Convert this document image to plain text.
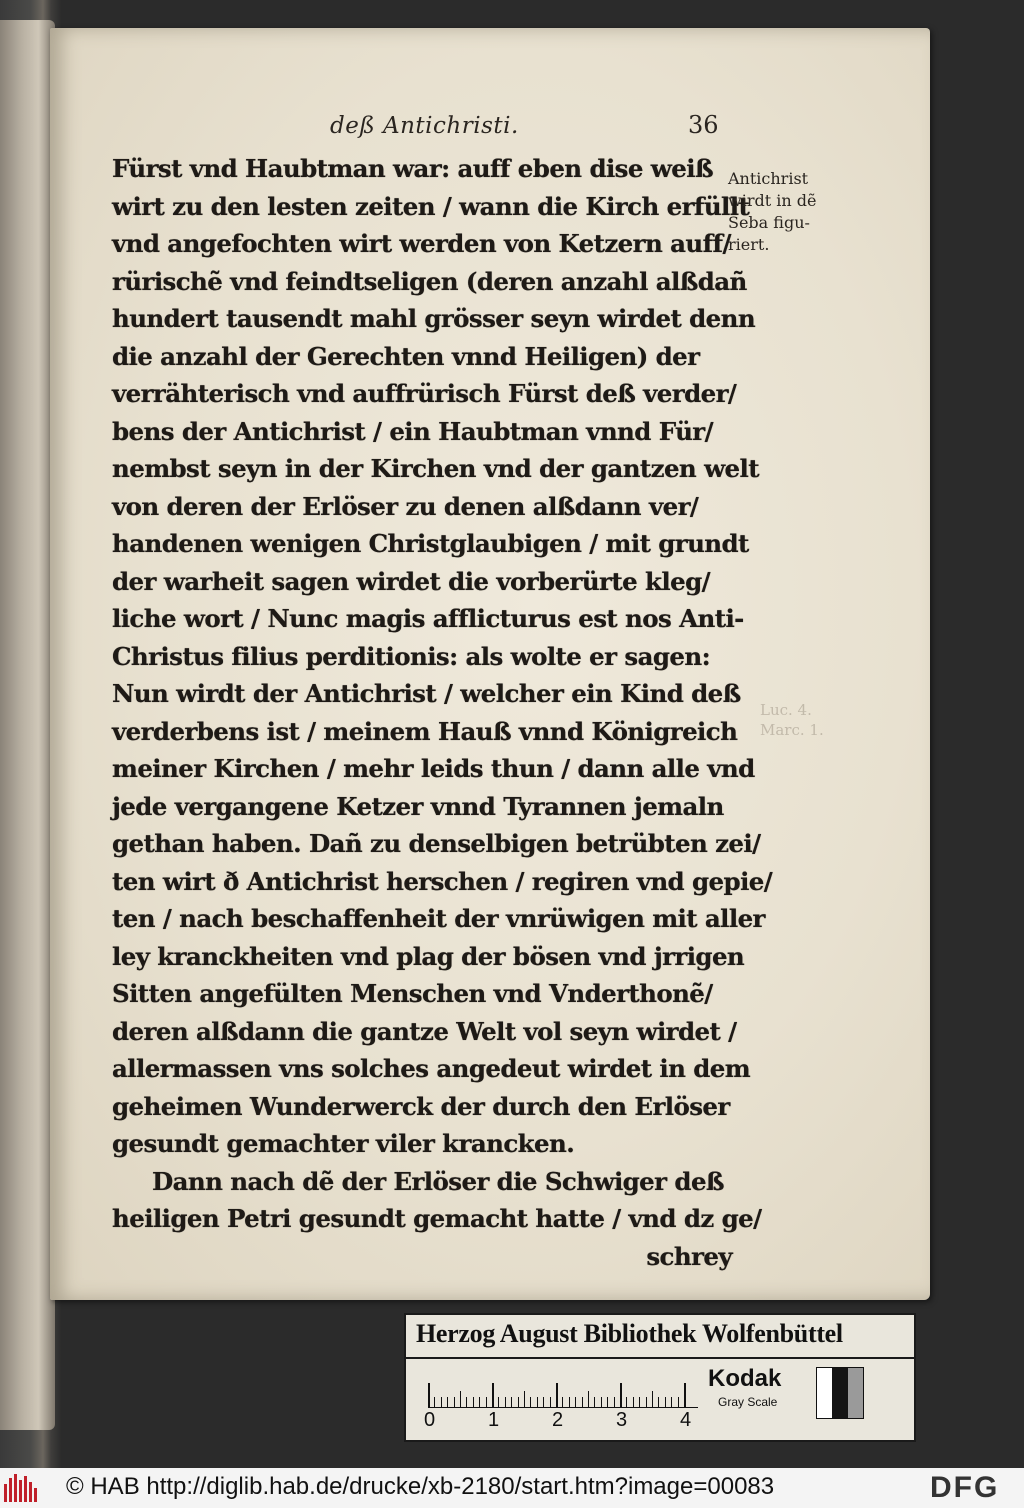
deß Antichristi.	36
Fürst vnd Haubtman war: auff eben dise weiß
wirt zu den lesten zeiten / wann die Kirch erfüllt
vnd angefochten wirt werden von Ketzern auff/
rürischẽ vnd feindtseligen (deren anzahl alßdañ
hundert tausendt mahl grösser seyn wirdet denn
die anzahl der Gerechten vnnd Heiligen) der
verrähterisch vnd auffrürisch Fürst deß verder/
bens der Antichrist / ein Haubtman vnnd Für/
nembst seyn in der Kirchen vnd der gantzen welt
von deren der Erlöser zu denen alßdann ver/
handenen wenigen Christglaubigen / mit grundt
der warheit sagen wirdet die vorberürte kleg/
liche wort / Nunc magis afflicturus est nos Anti-
Christus filius perditionis: als wolte er sagen:
Nun wirdt der Antichrist / welcher ein Kind deß
verderbens ist / meinem Hauß vnnd Königreich
meiner Kirchen / mehr leids thun / dann alle vnd
jede vergangene Ketzer vnnd Tyrannen jemaln
gethan haben. Dañ zu denselbigen betrübten zei/
ten wirt ð Antichrist herschen / regiren vnd gepie/
ten / nach beschaffenheit der vnrüwigen mit aller
ley kranckheiten vnd plag der bösen vnd jrrigen
Sitten angefülten Menschen vnd Vnderthonẽ/
deren alßdann die gantze Welt vol seyn wirdet /
allermassen vns solches angedeut wirdet in dem
geheimen Wunderwerck der durch den Erlöser
gesundt gemachter viler krancken.
Dann nach dẽ der Erlöser die Schwiger deß
heiligen Petri gesundt gemacht hatte / vnd dz ge/
schrey
Antichrist
wirdt in dẽ
Seba figu-
riert.
Luc. 4.
Marc. 1.
Herzog August Bibliothek Wolfenbüttel
0	1	2	3	4
Kodak
Gray Scale
© HAB http://diglib.hab.de/drucke/xb-2180/start.htm?image=00083	DFG
